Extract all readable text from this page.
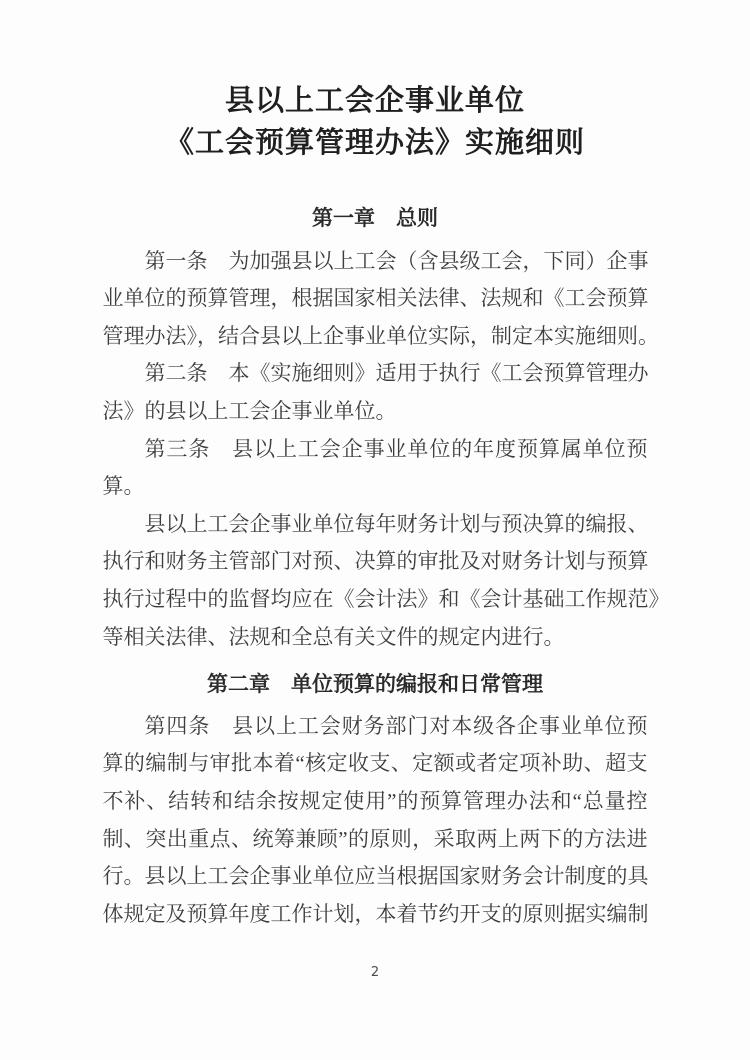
县以上工会企事业单位
《工会预算管理办法》实施细则
第一章　总则
第一条　为加强县以上工会（含县级工会，下同）企事
业单位的预算管理，根据国家相关法律、法规和《工会预算
管理办法》，结合县以上企事业单位实际，制定本实施细则。
第二条　本《实施细则》适用于执行《工会预算管理办
法》的县以上工会企事业单位。
第三条　县以上工会企事业单位的年度预算属单位预
算。
县以上工会企事业单位每年财务计划与预决算的编报、
执行和财务主管部门对预、决算的审批及对财务计划与预算
执行过程中的监督均应在《会计法》和《会计基础工作规范》
等相关法律、法规和全总有关文件的规定内进行。
第二章　单位预算的编报和日常管理
第四条　县以上工会财务部门对本级各企事业单位预
算的编制与审批本着“核定收支、定额或者定项补助、超支
不补、结转和结余按规定使用”的预算管理办法和“总量控
制、突出重点、统筹兼顾”的原则，采取两上两下的方法进
行。县以上工会企事业单位应当根据国家财务会计制度的具
体规定及预算年度工作计划，本着节约开支的原则据实编制
2
